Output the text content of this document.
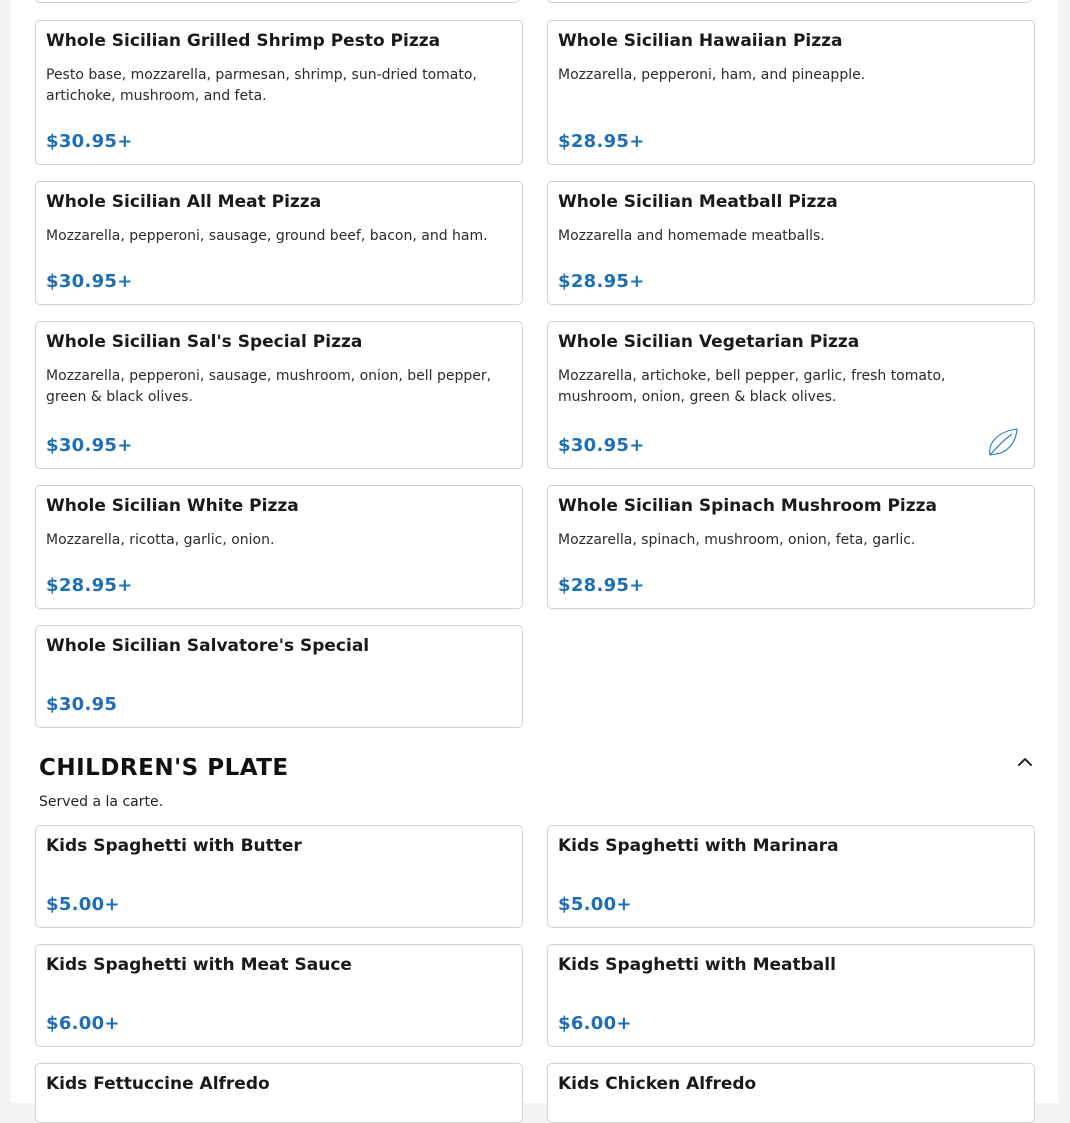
Whole Sicilian Grilled Shrimp Pesto Pizza
Pesto base, mozzarella, parmesan, shrimp, sun-dried tomato, artichoke, mushroom, and feta.
$30.95+
Whole Sicilian Hawaiian Pizza
Mozzarella, pepperoni, ham, and pineapple.
$28.95+
Whole Sicilian All Meat Pizza
Mozzarella, pepperoni, sausage, ground beef, bacon, and ham.
$30.95+
Whole Sicilian Meatball Pizza
Mozzarella and homemade meatballs.
$28.95+
Whole Sicilian Sal's Special Pizza
Mozzarella, pepperoni, sausage, mushroom, onion, bell pepper, green & black olives.
$30.95+
Whole Sicilian Vegetarian Pizza
Mozzarella, artichoke, bell pepper, garlic, fresh tomato, mushroom, onion, green & black olives.
$30.95+
Whole Sicilian White Pizza
Mozzarella, ricotta, garlic, onion.
$28.95+
Whole Sicilian Spinach Mushroom Pizza
Mozzarella, spinach, mushroom, onion, feta, garlic.
$28.95+
Whole Sicilian Salvatore's Special
$30.95
CHILDREN'S PLATE
Served a la carte.
Kids Spaghetti with Butter
$5.00+
Kids Spaghetti with Marinara
$5.00+
Kids Spaghetti with Meat Sauce
$6.00+
Kids Spaghetti with Meatball
$6.00+
Kids Fettuccine Alfredo	Kids Chicken Alfredo
